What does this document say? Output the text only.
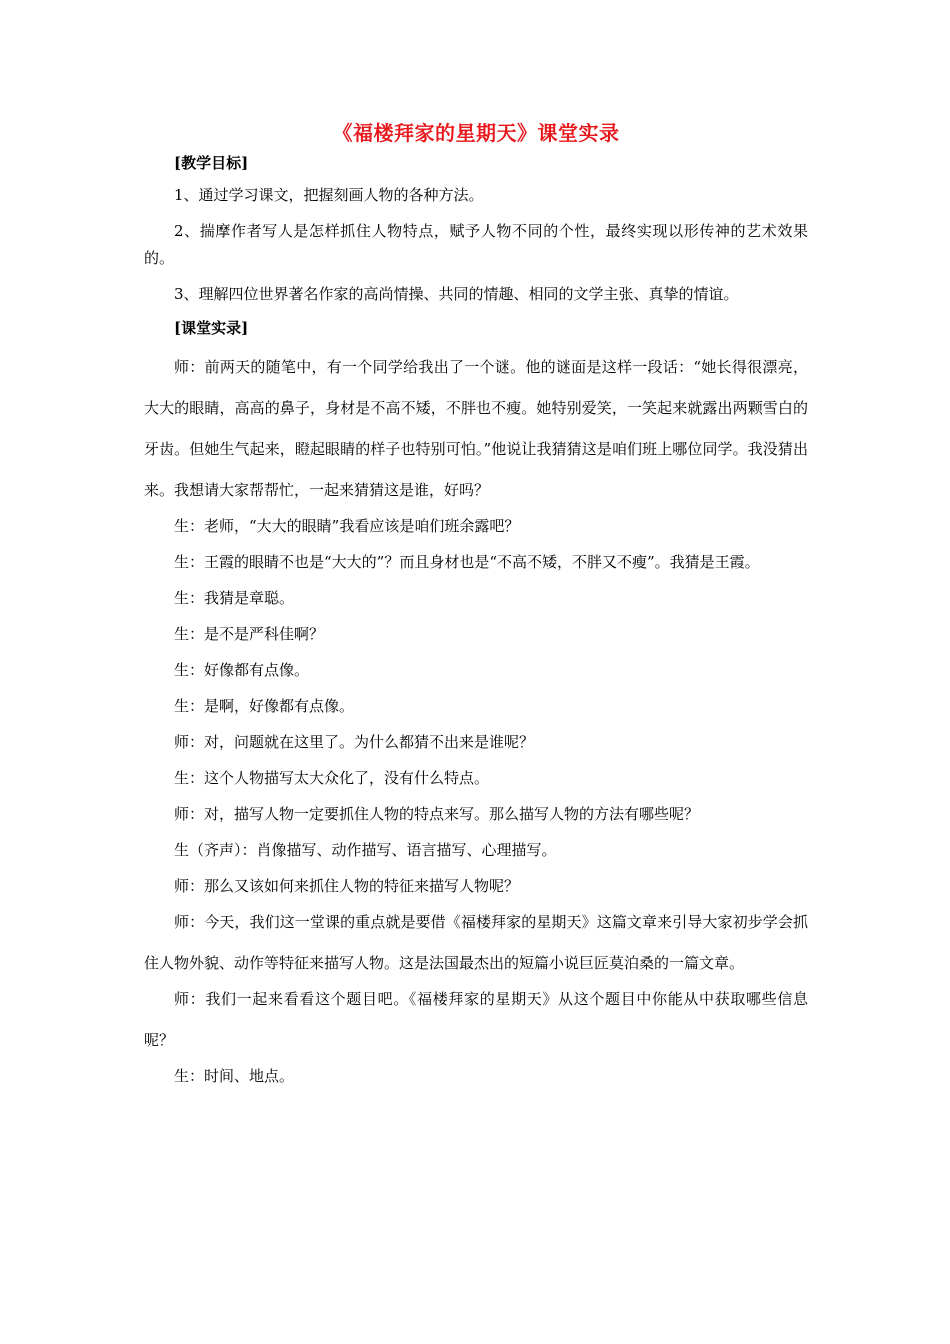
《福楼拜家的星期天》课堂实录
[教学目标]

1、通过学习课文，把握刻画人物的各种方法。

2、揣摩作者写人是怎样抓住人物特点，赋予人物不同的个性，最终实现以形传神的艺术效果的。

3、理解四位世界著名作家的高尚情操、共同的情趣、相同的文学主张、真挚的情谊。

[课堂实录]

师：前两天的随笔中，有一个同学给我出了一个谜。他的谜面是这样一段话：“她长得很漂亮，大大的眼睛，高高的鼻子，身材是不高不矮，不胖也不瘦。她特别爱笑，一笑起来就露出两颗雪白的牙齿。但她生气起来，瞪起眼睛的样子也特别可怕。”他说让我猜猜这是咱们班上哪位同学。我没猜出来。我想请大家帮帮忙，一起来猜猜这是谁，好吗？

生：老师，“大大的眼睛”我看应该是咱们班余露吧？

生：王霞的眼睛不也是“大大的”？而且身材也是“不高不矮，不胖又不瘦”。我猜是王霞。

生：我猜是章聪。

生：是不是严科佳啊？

生：好像都有点像。

生：是啊，好像都有点像。

师：对，问题就在这里了。为什么都猜不出来是谁呢？

生：这个人物描写太大众化了，没有什么特点。

师：对，描写人物一定要抓住人物的特点来写。那么描写人物的方法有哪些呢？

生（齐声）：肖像描写、动作描写、语言描写、心理描写。

师：那么又该如何来抓住人物的特征来描写人物呢？

师：今天，我们这一堂课的重点就是要借《福楼拜家的星期天》这篇文章来引导大家初步学会抓住人物外貌、动作等特征来描写人物。这是法国最杰出的短篇小说巨匠莫泊桑的一篇文章。

师：我们一起来看看这个题目吧。《福楼拜家的星期天》从这个题目中你能从中获取哪些信息呢？

生：时间、地点。
